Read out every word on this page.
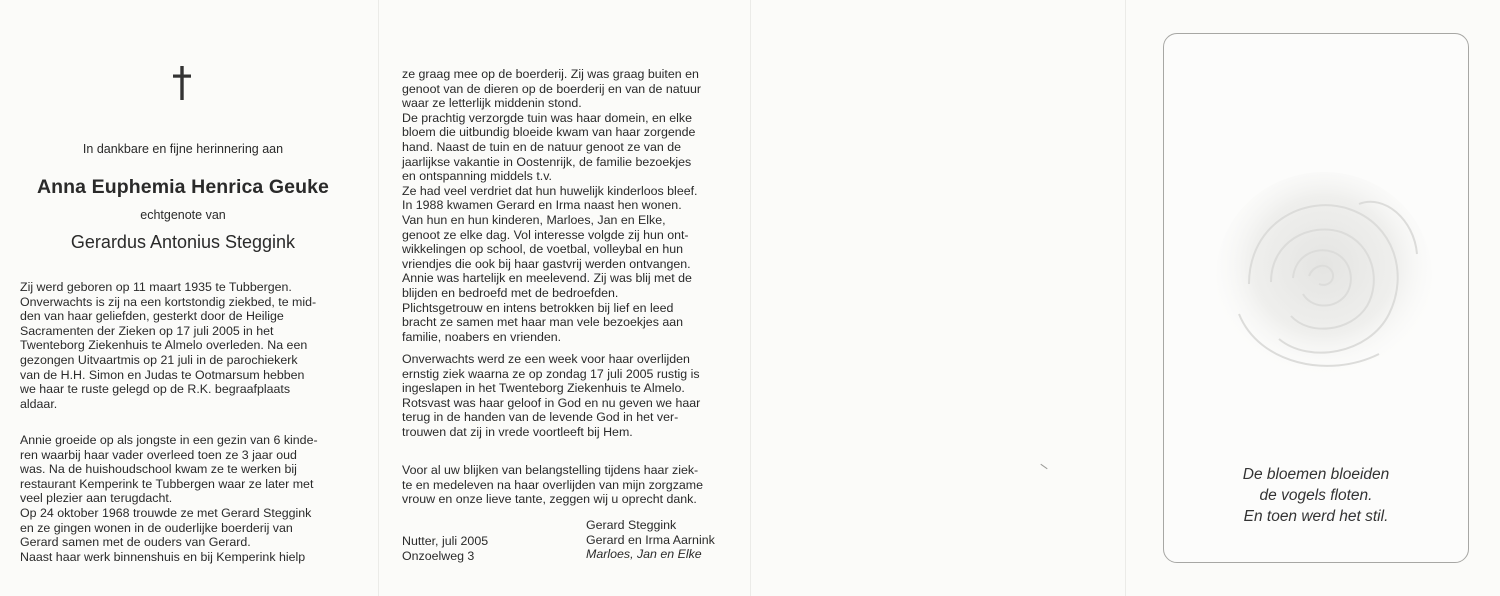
In dankbare en fijne herinnering aan
Anna Euphemia Henrica Geuke
echtgenote van
Gerardus Antonius Steggink

Zij werd geboren op 11 maart 1935 te Tubbergen.
Onverwachts is zij na een kortstondig ziekbed, te mid-
den van haar geliefden, gesterkt door de Heilige
Sacramenten der Zieken op 17 juli 2005 in het
Twenteborg Ziekenhuis te Almelo overleden. Na een
gezongen Uitvaartmis op 21 juli in de parochiekerk
van de H.H. Simon en Judas te Ootmarsum hebben
we haar te ruste gelegd op de R.K. begraafplaats
aldaar.

Annie groeide op als jongste in een gezin van 6 kinde-
ren waarbij haar vader overleed toen ze 3 jaar oud
was. Na de huishoudschool kwam ze te werken bij
restaurant Kemperink te Tubbergen waar ze later met
veel plezier aan terugdacht.
Op 24 oktober 1968 trouwde ze met Gerard Steggink
en ze gingen wonen in de ouderlijke boerderij van
Gerard samen met de ouders van Gerard.
Naast haar werk binnenshuis en bij Kemperink hielp

ze graag mee op de boerderij. Zij was graag buiten en
genoot van de dieren op de boerderij en van de natuur
waar ze letterlijk middenin stond.
De prachtig verzorgde tuin was haar domein, en elke
bloem die uitbundig bloeide kwam van haar zorgende
hand. Naast de tuin en de natuur genoot ze van de
jaarlijkse vakantie in Oostenrijk, de familie bezoekjes
en ontspanning middels t.v.
Ze had veel verdriet dat hun huwelijk kinderloos bleef.
In 1988 kwamen Gerard en Irma naast hen wonen.
Van hun en hun kinderen, Marloes, Jan en Elke,
genoot ze elke dag. Vol interesse volgde zij hun ont-
wikkelingen op school, de voetbal, volleybal en hun
vriendjes die ook bij haar gastvrij werden ontvangen.
Annie was hartelijk en meelevend. Zij was blij met de
blijden en bedroefd met de bedroefden.
Plichtsgetrouw en intens betrokken bij lief en leed
bracht ze samen met haar man vele bezoekjes aan
familie, noabers en vrienden.

Onverwachts werd ze een week voor haar overlijden
ernstig ziek waarna ze op zondag 17 juli 2005 rustig is
ingeslapen in het Twenteborg Ziekenhuis te Almelo.
Rotsvast was haar geloof in God en nu geven we haar
terug in de handen van de levende God in het ver-
trouwen dat zij in vrede voortleeft bij Hem.

Voor al uw blijken van belangstelling tijdens haar ziek-
te en medeleven na haar overlijden van mijn zorgzame
vrouw en onze lieve tante, zeggen wij u oprecht dank.

Nutter, juli 2005
Onzoelweg 3
Gerard Steggink
Gerard en Irma Aarnink
Marloes, Jan en Elke
De bloemen bloeiden
de vogels floten.
En toen werd het stil.
